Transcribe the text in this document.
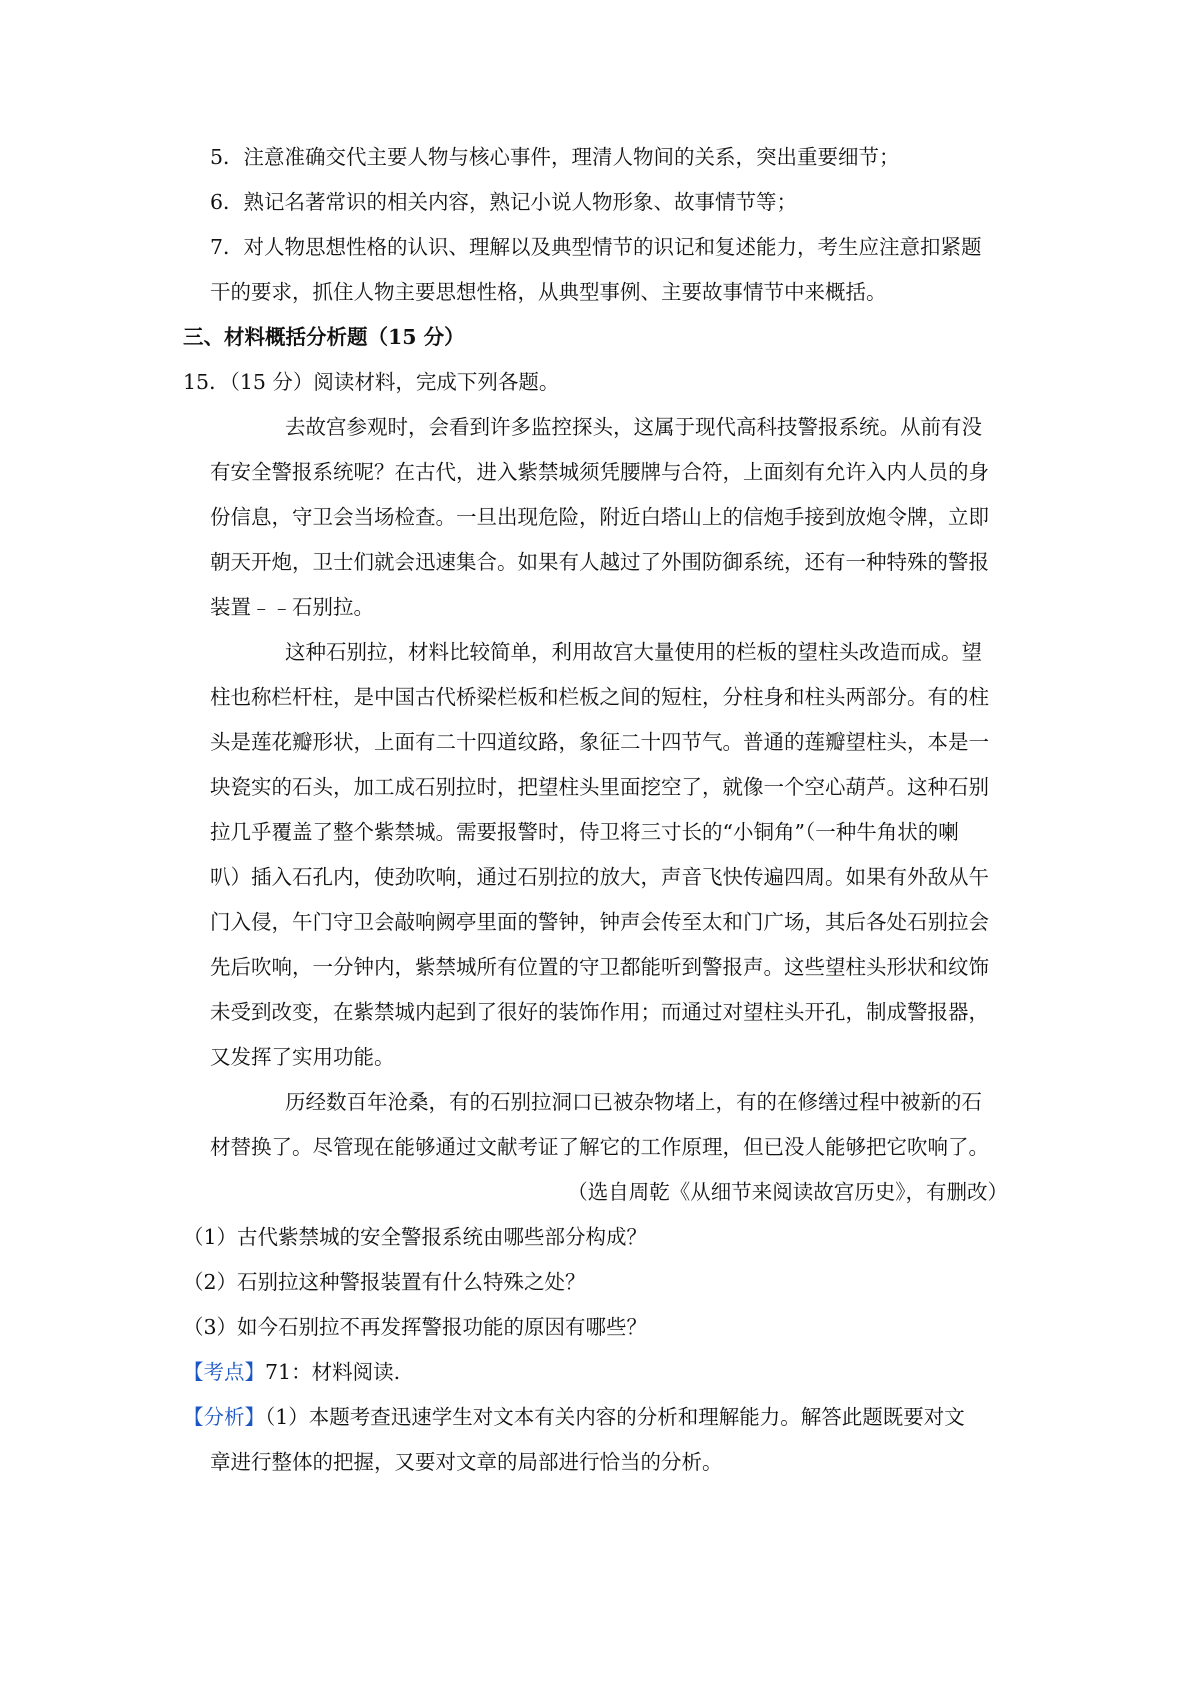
5．注意准确交代主要人物与核心事件，理清人物间的关系，突出重要细节；
6．熟记名著常识的相关内容，熟记小说人物形象、故事情节等；
7．对人物思想性格的认识、理解以及典型情节的识记和复述能力，考生应注意扣紧题
干的要求，抓住人物主要思想性格，从典型事例、主要故事情节中来概括。
三、材料概括分析题（15 分）
15．（15 分）阅读材料，完成下列各题。
去故宫参观时，会看到许多监控探头，这属于现代高科技警报系统。从前有没
有安全警报系统呢？在古代，进入紫禁城须凭腰牌与合符，上面刻有允许入内人员的身
份信息，守卫会当场检查。一旦出现危险，附近白塔山上的信炮手接到放炮令牌，立即
朝天开炮，卫士们就会迅速集合。如果有人越过了外围防御系统，还有一种特殊的警报
装置﹣﹣石别拉。
这种石别拉，材料比较简单，利用故宫大量使用的栏板的望柱头改造而成。望
柱也称栏杆柱，是中国古代桥梁栏板和栏板之间的短柱，分柱身和柱头两部分。有的柱
头是莲花瓣形状，上面有二十四道纹路，象征二十四节气。普通的莲瓣望柱头，本是一
块瓷实的石头，加工成石别拉时，把望柱头里面挖空了，就像一个空心葫芦。这种石别
拉几乎覆盖了整个紫禁城。需要报警时，侍卫将三寸长的“小铜角”（一种牛角状的喇
叭）插入石孔内，使劲吹响，通过石别拉的放大，声音飞快传遍四周。如果有外敌从午
门入侵，午门守卫会敲响阙亭里面的警钟，钟声会传至太和门广场，其后各处石别拉会
先后吹响，一分钟内，紫禁城所有位置的守卫都能听到警报声。这些望柱头形状和纹饰
未受到改变，在紫禁城内起到了很好的装饰作用；而通过对望柱头开孔，制成警报器，
又发挥了实用功能。
历经数百年沧桑，有的石别拉洞口已被杂物堵上，有的在修缮过程中被新的石
材替换了。尽管现在能够通过文献考证了解它的工作原理，但已没人能够把它吹响了。
（选自周乾《从细节来阅读故宫历史》，有删改）
（1）古代紫禁城的安全警报系统由哪些部分构成？
（2）石别拉这种警报装置有什么特殊之处？
（3）如今石别拉不再发挥警报功能的原因有哪些？
【考点】71：材料阅读.
【分析】（1）本题考查迅速学生对文本有关内容的分析和理解能力。解答此题既要对文
章进行整体的把握，又要对文章的局部进行恰当的分析。
